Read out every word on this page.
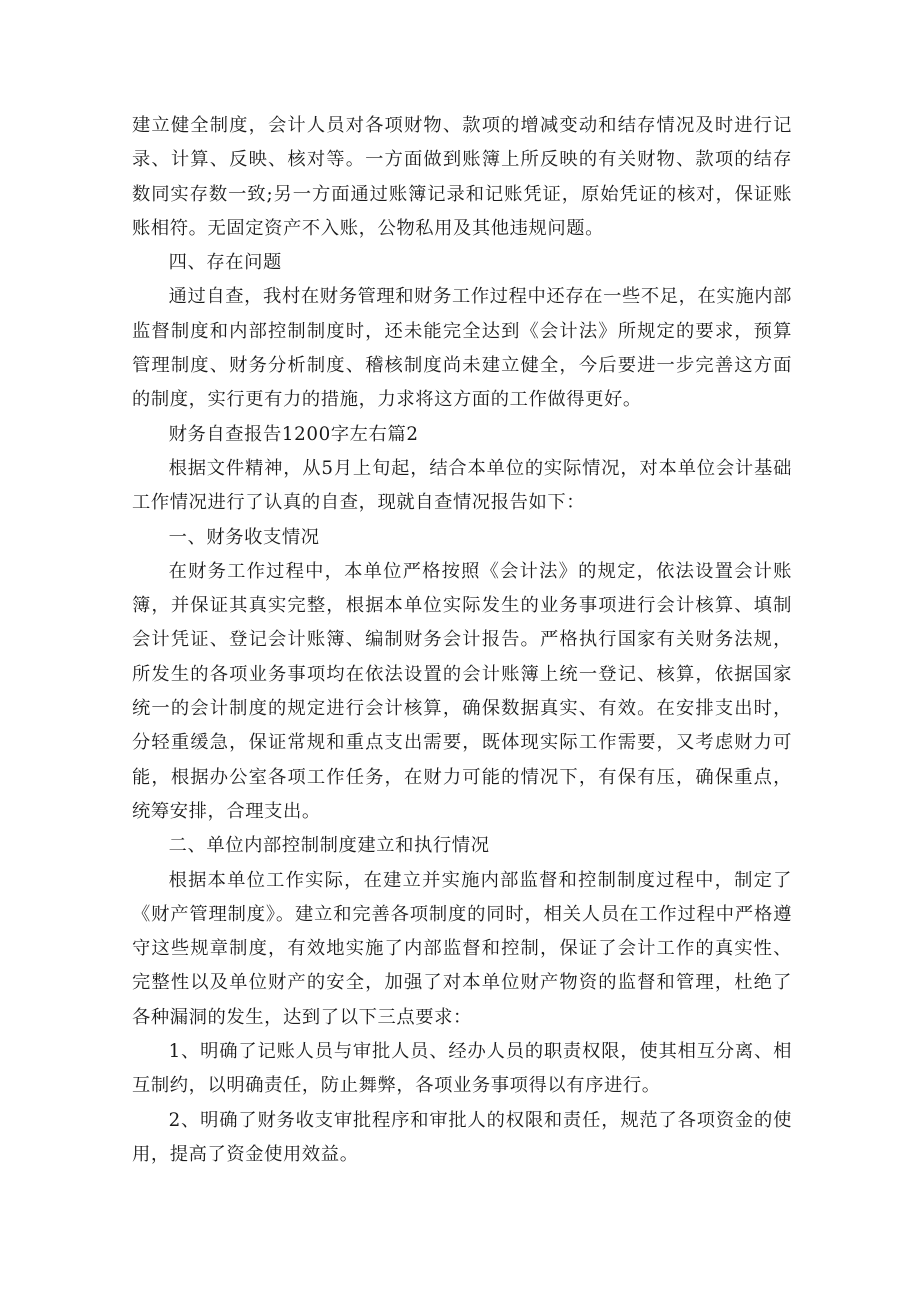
建立健全制度，会计人员对各项财物、款项的增减变动和结存情况及时进行记录、计算、反映、核对等。一方面做到账簿上所反映的有关财物、款项的结存数同实存数一致;另一方面通过账簿记录和记账凭证，原始凭证的核对，保证账账相符。无固定资产不入账，公物私用及其他违规问题。

四、存在问题

通过自查，我村在财务管理和财务工作过程中还存在一些不足，在实施内部监督制度和内部控制制度时，还未能完全达到《会计法》所规定的要求，预算管理制度、财务分析制度、稽核制度尚未建立健全，今后要进一步完善这方面的制度，实行更有力的措施，力求将这方面的工作做得更好。

财务自查报告1200字左右篇2

根据文件精神，从5月上旬起，结合本单位的实际情况，对本单位会计基础工作情况进行了认真的自查，现就自查情况报告如下：

一、财务收支情况

在财务工作过程中，本单位严格按照《会计法》的规定，依法设置会计账簿，并保证其真实完整，根据本单位实际发生的业务事项进行会计核算、填制会计凭证、登记会计账簿、编制财务会计报告。严格执行国家有关财务法规，所发生的各项业务事项均在依法设置的会计账簿上统一登记、核算，依据国家统一的会计制度的规定进行会计核算，确保数据真实、有效。在安排支出时，分轻重缓急，保证常规和重点支出需要，既体现实际工作需要，又考虑财力可能，根据办公室各项工作任务，在财力可能的情况下，有保有压，确保重点，统筹安排，合理支出。

二、单位内部控制制度建立和执行情况

根据本单位工作实际，在建立并实施内部监督和控制制度过程中，制定了《财产管理制度》。建立和完善各项制度的同时，相关人员在工作过程中严格遵守这些规章制度，有效地实施了内部监督和控制，保证了会计工作的真实性、完整性以及单位财产的安全，加强了对本单位财产物资的监督和管理，杜绝了各种漏洞的发生，达到了以下三点要求：

1、明确了记账人员与审批人员、经办人员的职责权限，使其相互分离、相互制约，以明确责任，防止舞弊，各项业务事项得以有序进行。

2、明确了财务收支审批程序和审批人的权限和责任，规范了各项资金的使用，提高了资金使用效益。
